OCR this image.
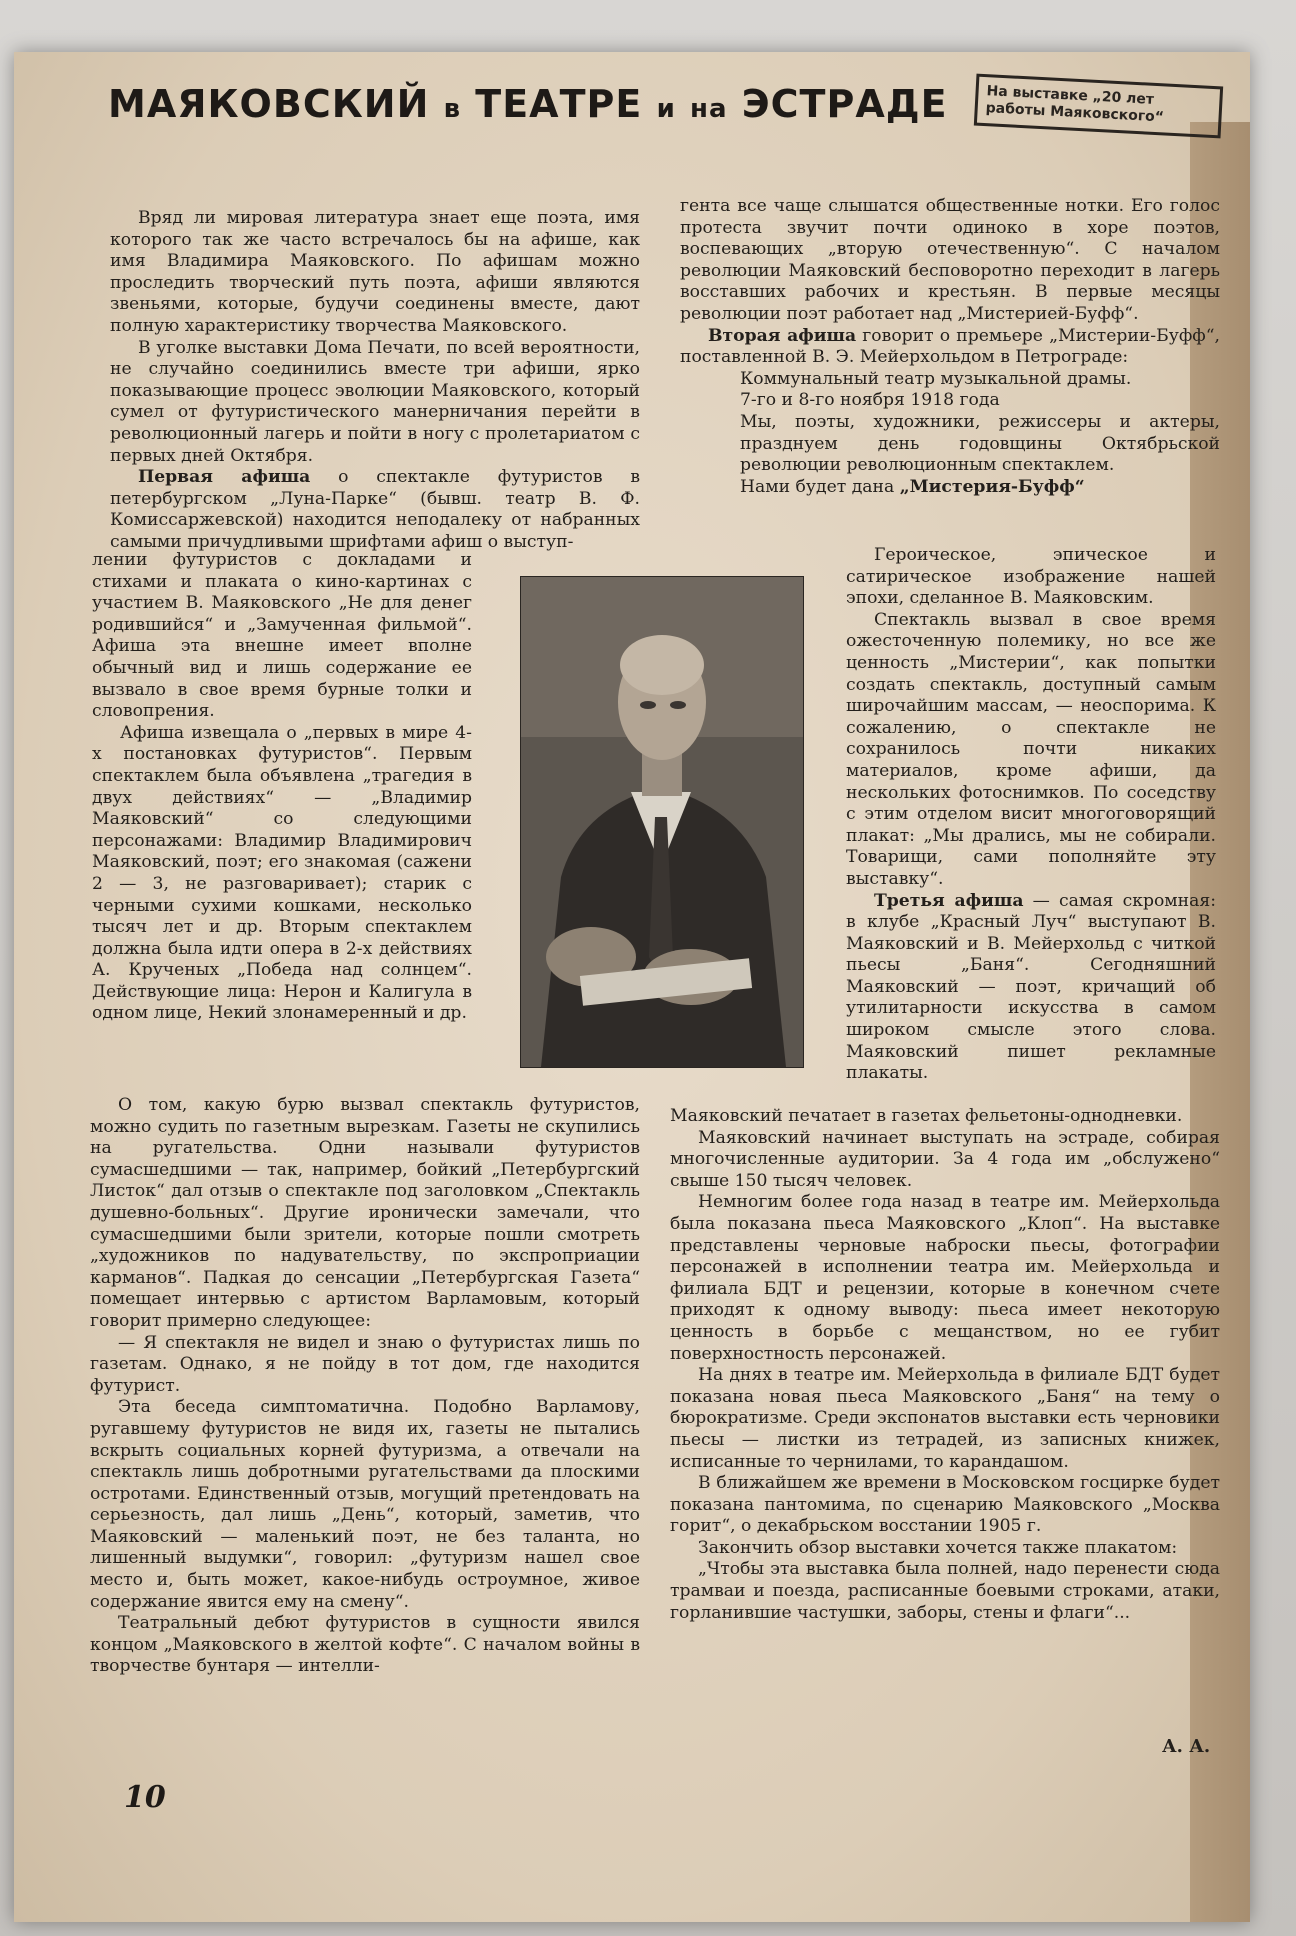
МАЯКОВСКИЙ в ТЕАТРЕ и на ЭСТРАДЕ	На выставке „20 лет работы Маяковского“

Вряд ли мировая литература знает еще поэта, имя которого так же часто встречалось бы на афише, как имя Владимира Маяковского. По афишам можно проследить творческий путь поэта, афиши являются звеньями, которые, будучи соединены вместе, дают полную характеристику творчества Маяковского.

В уголке выставки Дома Печати, по всей вероятности, не случайно соединились вместе три афиши, ярко показывающие процесс эволюции Маяковского, который сумел от футуристического манерничания перейти в революционный лагерь и пойти в ногу с пролетариатом с первых дней Октября.

Первая афиша о спектакле футуристов в петербургском „Луна-Парке“ (бывш. театр В. Ф. Комиссаржевской) находится неподалеку от набранных самыми причудливыми шрифтами афиш о выступ-

лении футуристов с докладами и стихами и плаката о кино-картинах с участием В. Маяковского „Не для денег родившийся“ и „Замученная фильмой“. Афиша эта внешне имеет вполне обычный вид и лишь содержание ее вызвало в свое время бурные толки и словопрения.

Афиша извещала о „первых в мире 4-х постановках футуристов“. Первым спектаклем была объявлена „трагедия в двух действиях“ — „Владимир Маяковский“ со следующими персонажами: Владимир Владимирович Маяковский, поэт; его знакомая (сажени 2 — 3, не разговаривает); старик с черными сухими кошками, несколько тысяч лет и др. Вторым спектаклем должна была идти опера в 2-х действиях А. Крученых „Победа над солнцем“. Действующие лица: Нерон и Калигула в одном лице, Некий злонамеренный и др.

О том, какую бурю вызвал спектакль футуристов, можно судить по газетным вырезкам. Газеты не скупились на ругательства. Одни называли футуристов сумасшедшими — так, например, бойкий „Петербургский Листок“ дал отзыв о спектакле под заголовком „Спектакль душевно-больных“. Другие иронически замечали, что сумасшедшими были зрители, которые пошли смотреть „художников по надувательству, по экспроприации карманов“. Падкая до сенсации „Петербургская Газета“ помещает интервью с артистом Варламовым, который говорит примерно следующее:

— Я спектакля не видел и знаю о футуристах лишь по газетам. Однако, я не пойду в тот дом, где находится футурист.

Эта беседа симптоматична. Подобно Варламову, ругавшему футуристов не видя их, газеты не пытались вскрыть социальных корней футуризма, а отвечали на спектакль лишь добротными ругательствами да плоскими остротами. Единственный отзыв, могущий претендовать на серьезность, дал лишь „День“, который, заметив, что Маяковский — маленький поэт, не без таланта, но лишенный выдумки“, говорил: „футуризм нашел свое место и, быть может, какое-нибудь остроумное, живое содержание явится ему на смену“.

Театральный дебют футуристов в сущности явился концом „Маяковского в желтой кофте“. С началом войны в творчестве бунтаря — интелли-

гента все чаще слышатся общественные нотки. Его голос протеста звучит почти одиноко в хоре поэтов, воспевающих „вторую отечественную“. С началом революции Маяковский бесповоротно переходит в лагерь восставших рабочих и крестьян. В первые месяцы революции поэт работает над „Мистерией-Буфф“.

Вторая афиша говорит о премьере „Мистерии-Буфф“, поставленной В. Э. Мейерхольдом в Петрограде:

Коммунальный театр музыкальной драмы.

7-го и 8-го ноября 1918 года

Мы, поэты, художники, режиссеры и актеры, празднуем день годовщины Октябрьской революции революционным спектаклем.

Нами будет дана „Мистерия-Буфф“

Героическое, эпическое и сатирическое изображение нашей эпохи, сделанное В. Маяковским.

Спектакль вызвал в свое время ожесточенную полемику, но все же ценность „Мистерии“, как попытки создать спектакль, доступный самым широчайшим массам, — неоспорима. К сожалению, о спектакле не сохранилось почти никаких материалов, кроме афиши, да нескольких фотоснимков. По соседству с этим отделом висит многоговорящий плакат: „Мы дрались, мы не собирали. Товарищи, сами пополняйте эту выставку“.

Третья афиша — самая скромная: в клубе „Красный Луч“ выступают В. Маяковский и В. Мейерхольд с читкой пьесы „Баня“. Сегодняшний Маяковский — поэт, кричащий об утилитарности искусства в самом широком смысле этого слова. Маяковский пишет рекламные плакаты.

Маяковский печатает в газетах фельетоны-однодневки.

Маяковский начинает выступать на эстраде, собирая многочисленные аудитории. За 4 года им „обслужено“ свыше 150 тысяч человек.

Немногим более года назад в театре им. Мейерхольда была показана пьеса Маяковского „Клоп“. На выставке представлены черновые наброски пьесы, фотографии персонажей в исполнении театра им. Мейерхольда и филиала БДТ и рецензии, которые в конечном счете приходят к одному выводу: пьеса имеет некоторую ценность в борьбе с мещанством, но ее губит поверхностность персонажей.

На днях в театре им. Мейерхольда в филиале БДТ будет показана новая пьеса Маяковского „Баня“ на тему о бюрократизме. Среди экспонатов выставки есть черновики пьесы — листки из тетрадей, из записных книжек, исписанные то чернилами, то карандашом.

В ближайшем же времени в Московском госцирке будет показана пантомима, по сценарию Маяковского „Москва горит“, о декабрьском восстании 1905 г.

Закончить обзор выставки хочется также плакатом:

„Чтобы эта выставка была полней, надо перенести сюда трамваи и поезда, расписанные боевыми строками, атаки, горланившие частушки, заборы, стены и флаги“...

А. А.
10
